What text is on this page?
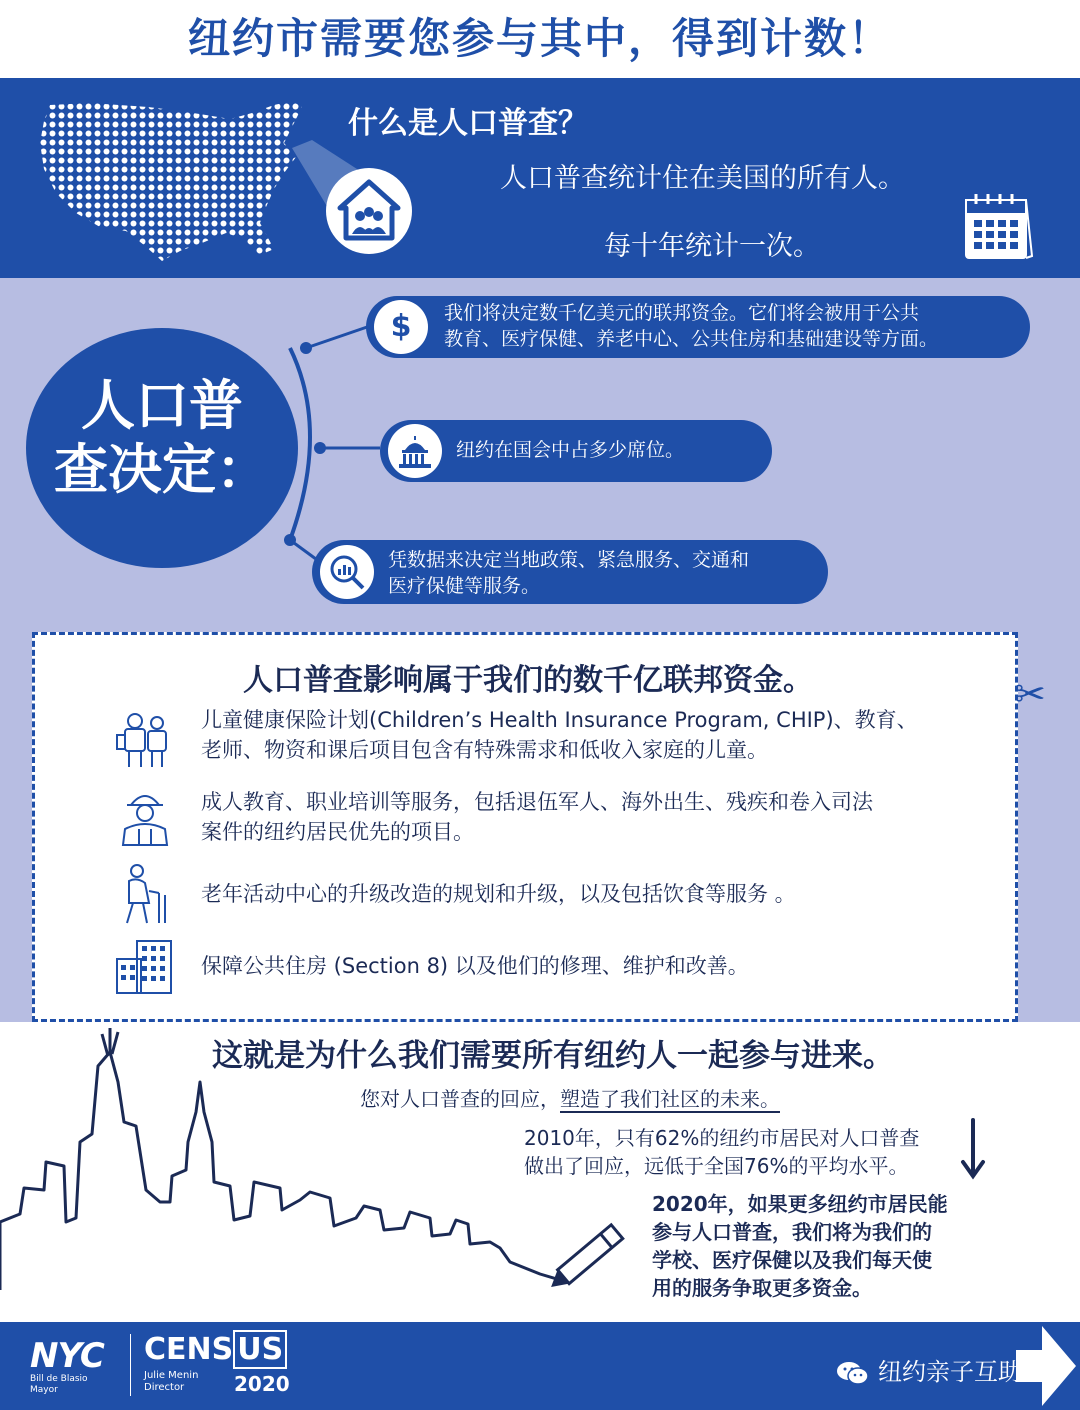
纽约市需要您参与其中，得到计数！
什么是人口普查？
人口普查统计住在美国的所有人。
每十年统计一次。
人口普
查决定：
$	我们将决定数千亿美元的联邦资金。它们将会被用于公共
教育、医疗保健、养老中心、公共住房和基础建设等方面。
纽约在国会中占多少席位。
凭数据来决定当地政策、紧急服务、交通和
医疗保健等服务。
人口普查影响属于我们的数千亿联邦资金。
儿童健康保险计划(Children’s Health Insurance Program, CHIP)、教育、
老师、物资和课后项目包含有特殊需求和低收入家庭的儿童。
成人教育、职业培训等服务，包括退伍军人、海外出生、残疾和卷入司法
案件的纽约居民优先的项目。
老年活动中心的升级改造的规划和升级，以及包括饮食等服务 。
保障公共住房 (Section 8) 以及他们的修理、维护和改善。
✂
这就是为什么我们需要所有纽约人一起参与进来。
您对人口普查的回应，塑造了我们社区的未来。
2010年，只有62%的纽约市居民对人口普查
做出了回应，远低于全国76%的平均水平。
2020年，如果更多纽约市居民能
参与人口普查，我们将为我们的
学校、医疗保健以及我们每天使
用的服务争取更多资金。
NYC
Bill de Blasio
Mayor
CENS US
Julie Menin
Director	2020	纽约亲子互助
